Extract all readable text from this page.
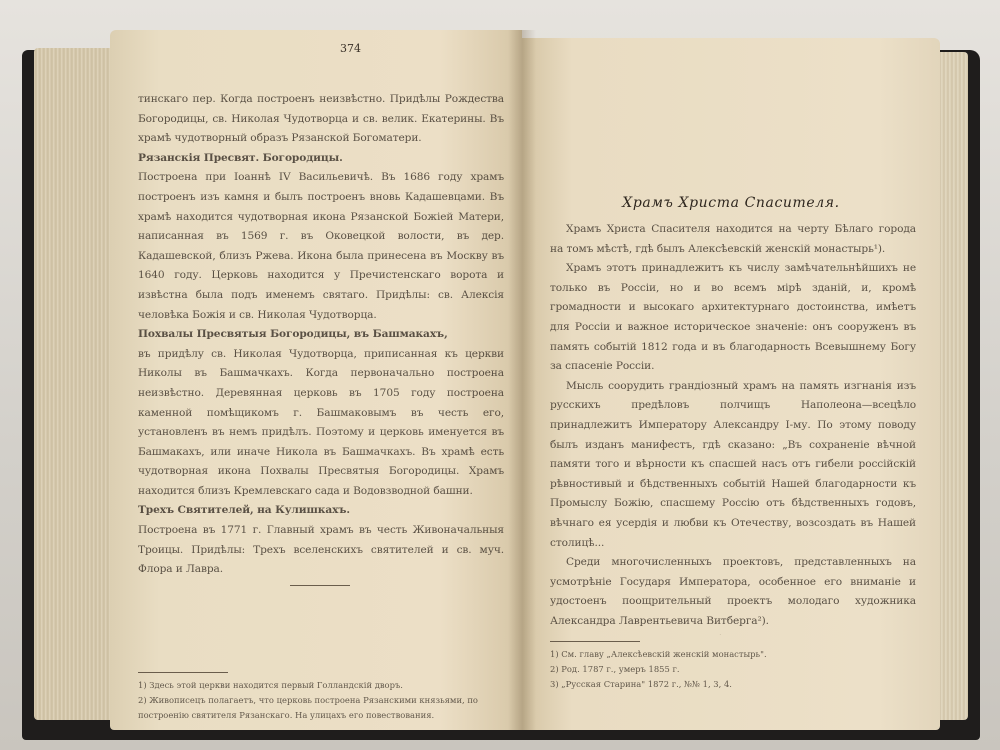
374

тинскаго пер. Когда построенъ неизвѣстно. Придѣлы Рождества Богородицы, св. Николая Чудотворца и св. велик. Екатерины. Въ храмѣ чудотворный образъ Рязанской Богоматери.

Рязанскiя Пресвят. Богородицы.

Построена при Iоаннѣ IV Васильевичѣ. Въ 1686 году храмъ построенъ изъ камня и былъ построенъ вновь Кадашевцами. Въ храмѣ находится чудотворная икона Рязанской Божiей Матери, написанная въ 1569 г. въ Оковецкой волости, въ дер. Кадашевской, близъ Ржева. Икона была принесена въ Москву въ 1640 году. Церковь находится у Пречистенскаго ворота и извѣстна была подъ именемъ святаго. Придѣлы: св. Алексiя человѣка Божiя и св. Николая Чудотворца.

Похвалы Пресвятыя Богородицы, въ Башмакахъ,

въ придѣлу св. Николая Чудотворца, приписанная къ церкви Николы въ Башмачкахъ. Когда первоначально построена неизвѣстно. Деревянная церковь въ 1705 году построена каменной помѣщикомъ г. Башмаковымъ въ честь его, установленъ въ немъ придѣлъ. Поэтому и церковь именуется въ Башмакахъ, или иначе Никола въ Башмачкахъ. Въ храмѣ есть чудотворная икона Похвалы Пресвятыя Богородицы. Храмъ находится близъ Кремлевскаго сада и Водовзводной башни.

Трехъ Святителей, на Кулишкахъ.

Построена въ 1771 г. Главный храмъ въ честь Живоначальныя Троицы. Придѣлы: Трехъ вселенскихъ святителей и св. муч. Флора и Лавра.

1) Здесь этой церкви находится первый Голландскій дворъ.

2) Живописецъ полагаетъ, что церковь построена Рязанскими князьями, по построенію святителя Рязанскаго. На улицахъ его повествования.

Храмъ Христа Спасителя.

Храмъ Христа Спасителя находится на черту Бѣлаго города на томъ мѣстѣ, гдѣ былъ Алексѣевскiй женскiй монастырь¹).

Храмъ этотъ принадлежитъ къ числу замѣчательнѣйшихъ не только въ Россiи, но и во всемъ мiрѣ зданiй, и, кромѣ громадности и высокаго архитектурнаго достоинства, имѣетъ для Россiи и важное историческое значенiе: онъ сооруженъ въ память событiй 1812 года и въ благодарность Всевышнему Богу за спасенiе Россiи.

Мысль соорудить грандiозный храмъ на память изгнанiя изъ русскихъ предѣловъ полчищъ Наполеона—всецѣло принадлежитъ Императору Александру I-му. По этому поводу былъ изданъ манифестъ, гдѣ сказано: „Въ сохраненiе вѣчной памяти того и вѣрности къ спасшей насъ отъ гибели россiйскiй рѣвностивый и бѣдственныхъ событiй Нашей благодарности къ Промыслу Божiю, спасшему Россiю отъ бѣдственныхъ годовъ, вѣчнаго ея усердiя и любви къ Отечеству, возсоздать въ Нашей столицѣ...

Среди многочисленныхъ проектовъ, представленныхъ на усмотрѣнiе Государя Императора, особенное его вниманiе и удостоенъ поощрительный проектъ молодаго художника Александра Лаврентьевича Витберга²).

1) См. главу „Алексѣевскiй женскiй монастырь".

2) Род. 1787 г., умеръ 1855 г.

3) „Русская Старина" 1872 г., №№ 1, 3, 4.
